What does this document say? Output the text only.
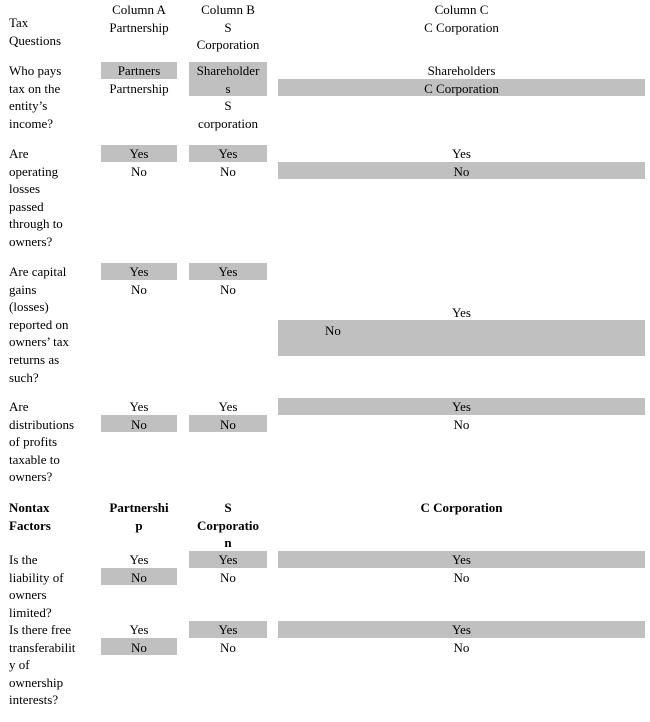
Tax
Questions
Column A
Partnership
Column B
S
Corporation
Column C
C Corporation
Who pays
tax on the
entity’s
income?
Partners
Partnership
Shareholder
s
S
corporation
Shareholders
C Corporation
Are
operating
losses
passed
through to
owners?
Yes
No
Yes
No
Yes
No
Are capital
gains
(losses)
reported on
owners’ tax
returns as
such?
Yes
No
Yes
No
Yes
No
Are
distributions
of profits
taxable to
owners?
Yes
No
Yes
No
Yes
No
Nontax
Factors
Partnershi
p
S
Corporatio
n
C Corporation
Is the
liability of
owners
limited?
Yes
No
Yes
No
Yes
No
Is there free
transferabilit
y of
ownership
interests?
Yes
No
Yes
No
Yes
No
